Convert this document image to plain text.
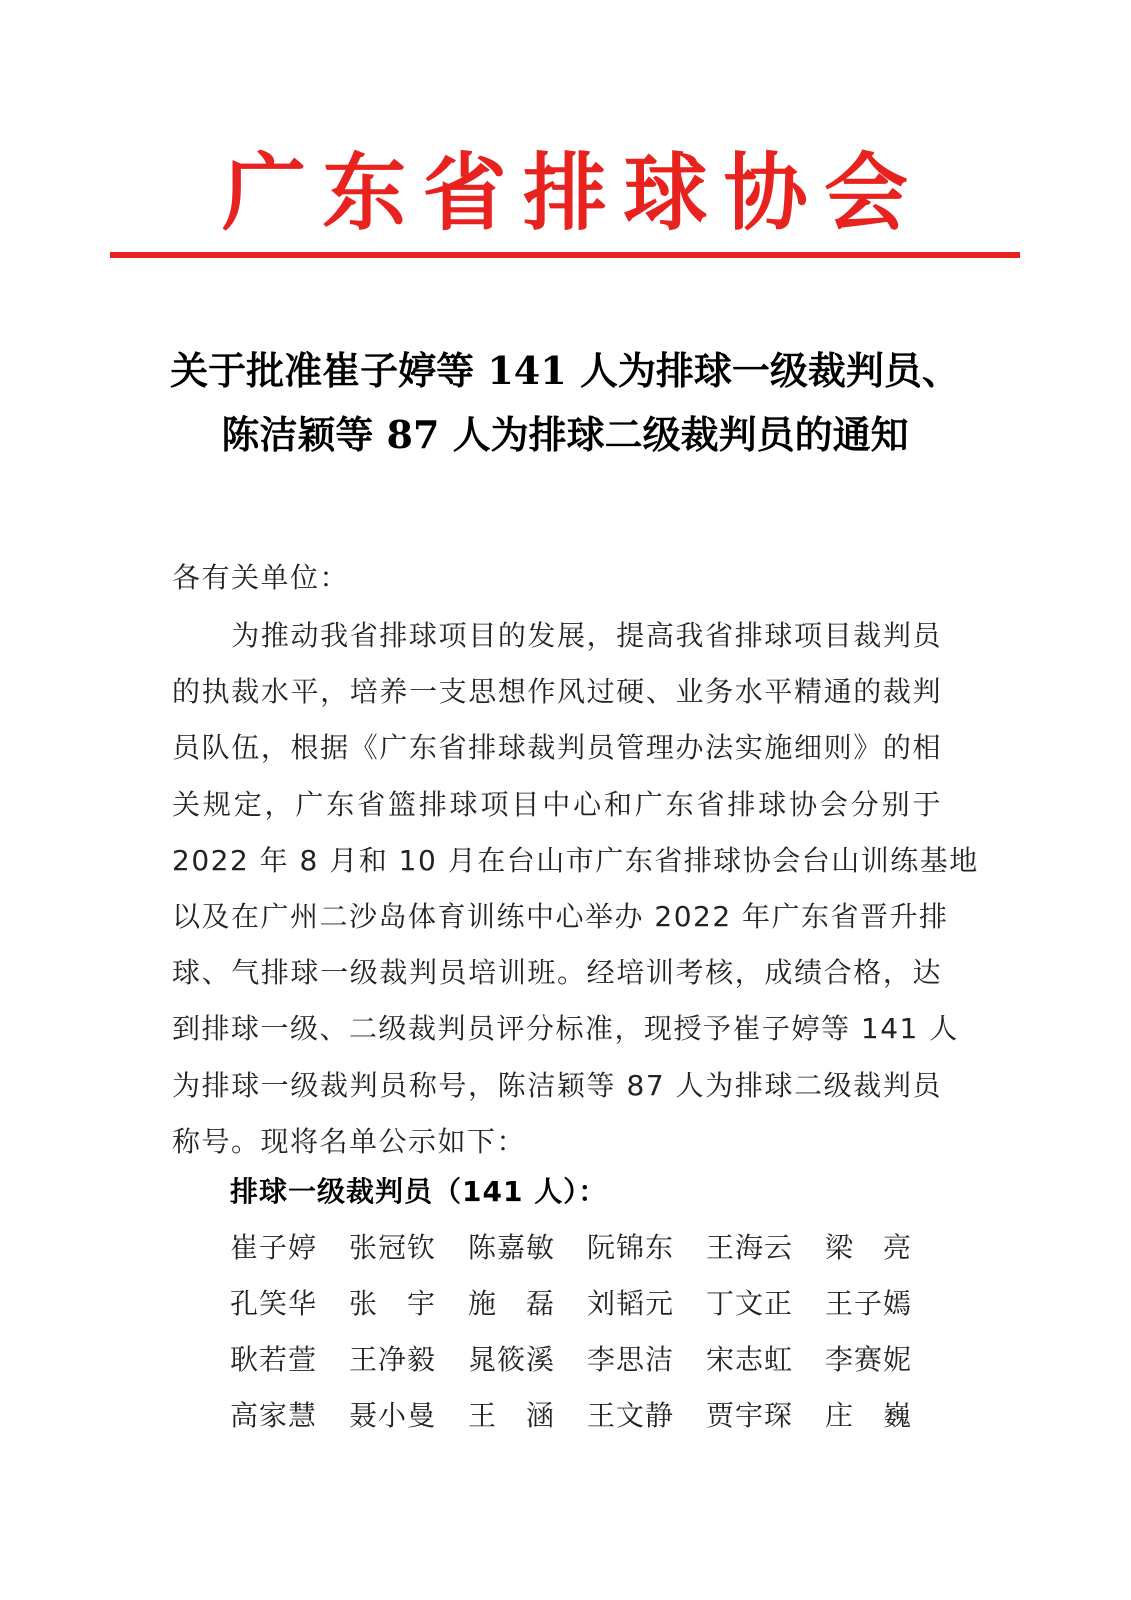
广 东 省 排 球 协 会
关于批准崔子婷等 141 人为排球一级裁判员、
陈洁颖等 87 人为排球二级裁判员的通知
各有关单位：
　　为推动我省排球项目的发展，提高我省排球项目裁判员
的执裁水平，培养一支思想作风过硬、业务水平精通的裁判
员队伍，根据《广东省排球裁判员管理办法实施细则》的相
关规定，广东省篮排球项目中心和广东省排球协会分别于
2022 年 8 月和 10 月在台山市广东省排球协会台山训练基地
以及在广州二沙岛体育训练中心举办 2022 年广东省晋升排
球、气排球一级裁判员培训班。经培训考核，成绩合格，达
到排球一级、二级裁判员评分标准，现授予崔子婷等 141 人
为排球一级裁判员称号，陈洁颖等 87 人为排球二级裁判员
称号。现将名单公示如下：
排球一级裁判员（141 人）：
崔子婷 张冠钦 陈嘉敏 阮锦东 王海云 梁亮
孔笑华 张宇 施磊 刘韬元 丁文正 王子嫣
耿若萱 王净毅 晁筱溪 李思洁 宋志虹 李赛妮
高家慧 聂小曼 王涵 王文静 贾宇琛 庄巍
